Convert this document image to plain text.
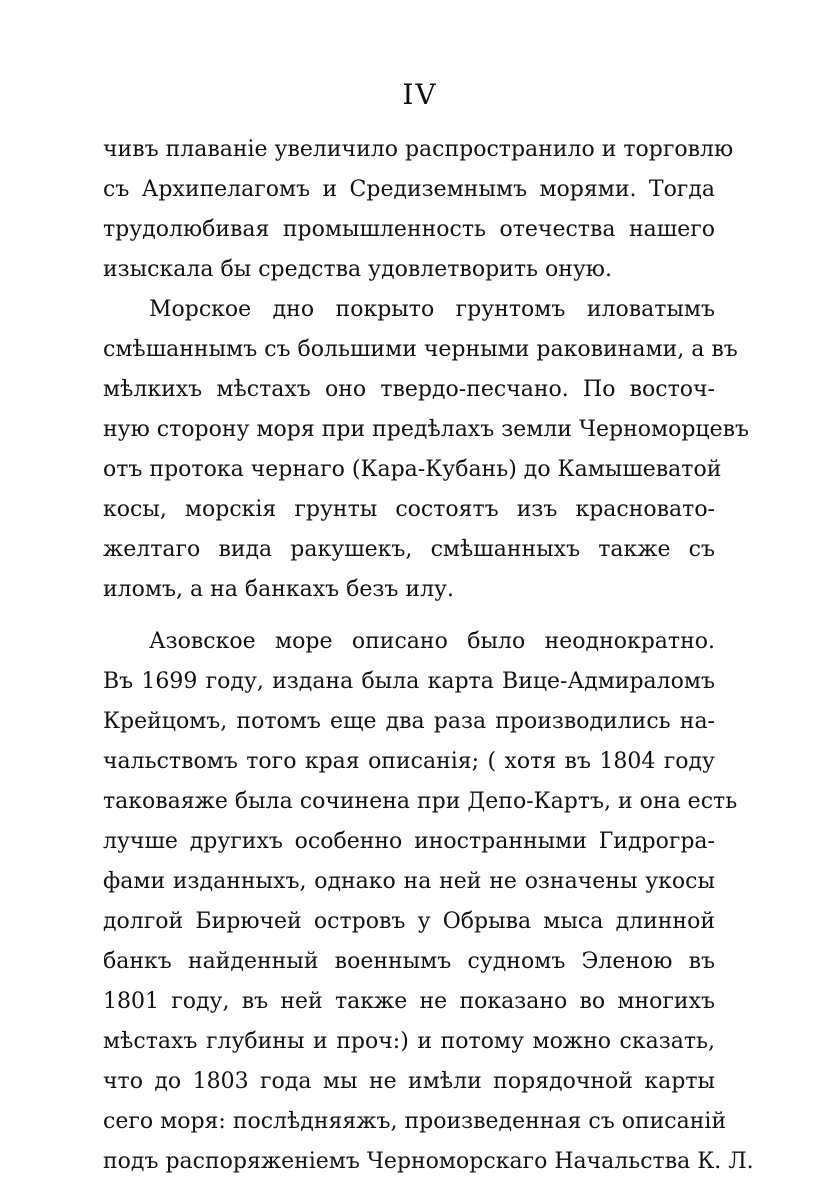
IV
чивъ плаванiе увеличило распространило и торговлю
съ Архипелагомъ и Средиземнымъ морями. Тогда
трудолюбивая промышленность отечества нашего
изыскала бы средства удовлетворить оную.
Морское дно покрыто грунтомъ иловатымъ
смѣшаннымъ съ большими черными раковинами, а въ
мѣлкихъ мѣстахъ оно твердо-песчано. По восточ-
ную сторону моря при предѣлахъ земли Черноморцевъ
отъ протока чернаго (Кара-Кубань) до Камышеватой
косы, морскiя грунты состоятъ изъ красновато-
желтаго вида ракушекъ, смѣшанныхъ также съ
иломъ, а на банкахъ безъ илу.
Азовское море описано было неоднократно.
Въ 1699 году, издана была карта Вице-Адмираломъ
Крейцомъ, потомъ еще два раза производились на-
чальствомъ того края описанiя; ( хотя въ 1804 году
таковаяже была сочинена при Депо-Картъ, и она есть
лучше другихъ особенно иностранными Гидрогра-
фами изданныхъ, однако на ней не означены укосы
долгой Бирючей островъ у Обрыва мыса длинной
банкъ найденный военнымъ судномъ Эленою въ
1801 году, въ ней также не показано во многихъ
мѣстахъ глубины и проч:) и потому можно сказать,
что до 1803 года мы не имѣли порядочной карты
сего моря: послѣдняяжъ, произведенная съ описанiй
подъ распоряженiемъ Черноморскаго Начальства К. Л.
